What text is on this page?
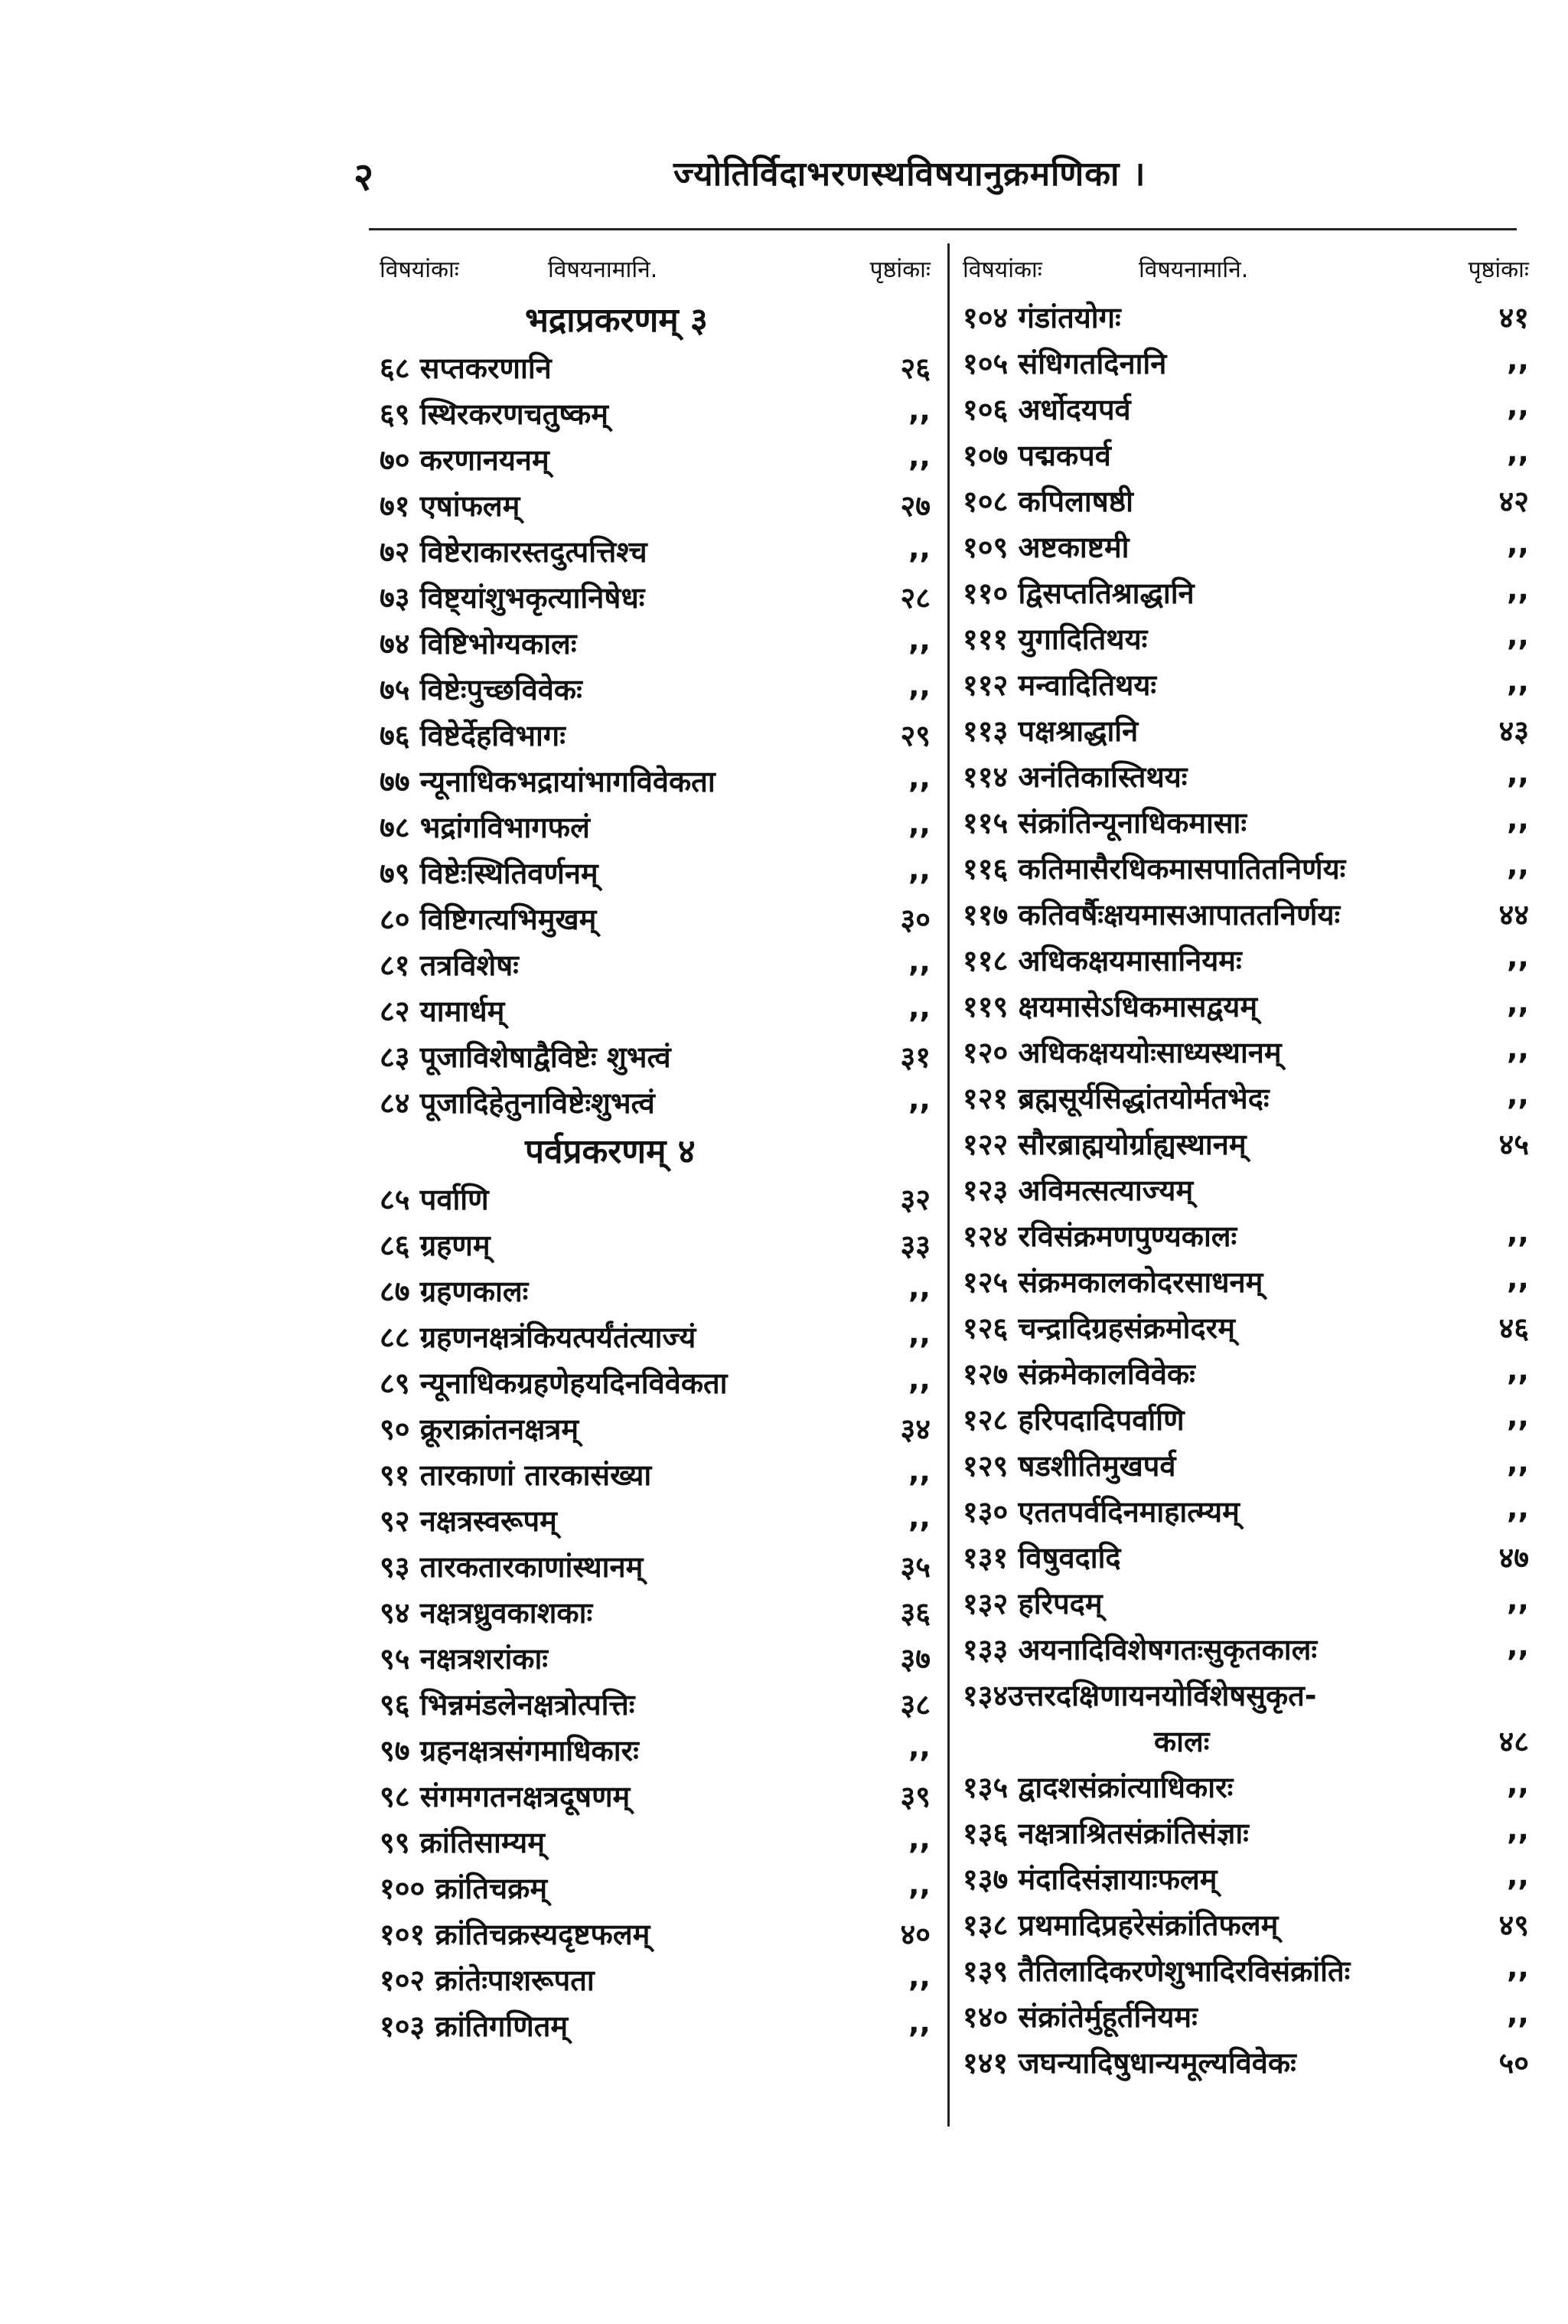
२	ज्योतिर्विदाभरणस्थविषयानुक्रमणिका ।
विषयांकाः	विषयनामानि.	पृष्ठांकाः
भद्राप्रकरणम् ३
६८ सप्तकरणानि	२६
६९ स्थिरकरणचतुष्कम्	,,
७० करणानयनम्	,,
७१ एषांफलम्	२७
७२ विष्टेराकारस्तदुत्पत्तिश्च	,,
७३ विष्ट्यांशुभकृत्यानिषेधः	२८
७४ विष्टिभोग्यकालः	,,
७५ विष्टेःपुच्छविवेकः	,,
७६ विष्टेर्देहविभागः	२९
७७ न्यूनाधिकभद्रायांभागविवेकता	,,
७८ भद्रांगविभागफलं	,,
७९ विष्टेःस्थितिवर्णनम्	,,
८० विष्टिगत्यभिमुखम्	३०
८१ तत्रविशेषः	,,
८२ यामार्धम्	,,
८३ पूजाविशेषाद्वैविष्टेः शुभत्वं	३१
८४ पूजादिहेतुनाविष्टेःशुभत्वं	,,
पर्वप्रकरणम् ४
८५ पर्वाणि	३२
८६ ग्रहणम्	३३
८७ ग्रहणकालः	,,
८८ ग्रहणनक्षत्रंकियत्पर्यंतंत्याज्यं	,,
८९ न्यूनाधिकग्रहणेहयदिनविवेकता	,,
९० क्रूराक्रांतनक्षत्रम्	३४
९१ तारकाणां तारकासंख्या	,,
९२ नक्षत्रस्वरूपम्	,,
९३ तारकतारकाणांस्थानम्	३५
९४ नक्षत्रध्रुवकाशकाः	३६
९५ नक्षत्रशरांकाः	३७
९६ भिन्नमंडलेनक्षत्रोत्पत्तिः	३८
९७ ग्रहनक्षत्रसंगमाधिकारः	,,
९८ संगमगतनक्षत्रदूषणम्	३९
९९ क्रांतिसाम्यम्	,,
१०० क्रांतिचक्रम्	,,
१०१ क्रांतिचक्रस्यदृष्टफलम्	४०
१०२ क्रांतेःपाशरूपता	,,
१०३ क्रांतिगणितम्	,,
विषयांकाः	विषयनामानि.	पृष्ठांकाः
१०४ गंडांतयोगः	४१
१०५ संधिगतदिनानि	,,
१०६ अर्धोदयपर्व	,,
१०७ पद्मकपर्व	,,
१०८ कपिलाषष्ठी	४२
१०९ अष्टकाष्टमी	,,
११० द्विसप्ततिश्राद्धानि	,,
१११ युगादितिथयः	,,
११२ मन्वादितिथयः	,,
११३ पक्षश्राद्धानि	४३
११४ अनंतिकास्तिथयः	,,
११५ संक्रांतिन्यूनाधिकमासाः	,,
११६ कतिमासैरधिकमासपातितनिर्णयः	,,
११७ कतिवर्षैःक्षयमासआपाततनिर्णयः	४४
११८ अधिकक्षयमासानियमः	,,
११९ क्षयमासेऽधिकमासद्वयम्	,,
१२० अधिकक्षययोःसाध्यस्थानम्	,,
१२१ ब्रह्मसूर्यसिद्धांतयोर्मतभेदः	,,
१२२ सौरब्राह्मयोर्ग्राह्यस्थानम्	४५
१२३ अविमत्सत्याज्यम्
१२४ रविसंक्रमणपुण्यकालः	,,
१२५ संक्रमकालकोदरसाधनम्	,,
१२६ चन्द्रादिग्रहसंक्रमोदरम्	४६
१२७ संक्रमेकालविवेकः	,,
१२८ हरिपदादिपर्वाणि	,,
१२९ षडशीतिमुखपर्व	,,
१३० एततपर्वदिनमाहात्म्यम्	,,
१३१ विषुवदादि	४७
१३२ हरिपदम्	,,
१३३ अयनादिविशेषगतःसुकृतकालः	,,
१३४उत्तरदक्षिणायनयोर्विशेषसुकृत-
कालः	४८
१३५ द्वादशसंक्रांत्याधिकारः	,,
१३६ नक्षत्राश्रितसंक्रांतिसंज्ञाः	,,
१३७ मंदादिसंज्ञायाःफलम्	,,
१३८ प्रथमादिप्रहरेसंक्रांतिफलम्	४९
१३९ तैतिलादिकरणेशुभादिरविसंक्रांतिः	,,
१४० संक्रांतेर्मुहूर्तनियमः	,,
१४१ जघन्यादिषुधान्यमूल्यविवेकः	५०
